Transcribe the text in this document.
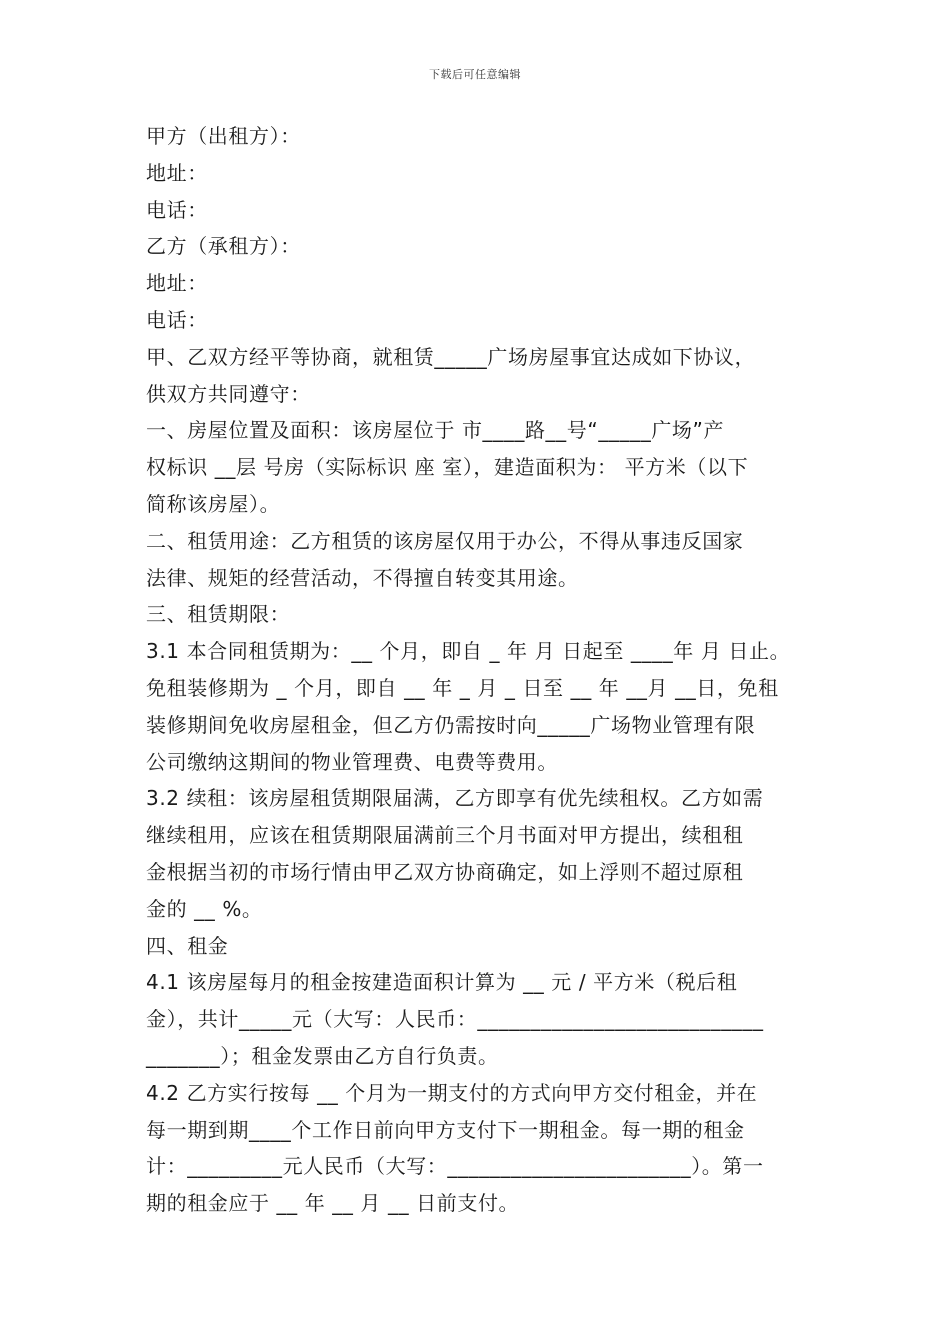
下载后可任意编辑
甲方（出租方）：
地址：
电话：
乙方（承租方）：
地址：
电话：
甲、乙双方经平等协商，就租赁_____广场房屋事宜达成如下协议，
供双方共同遵守：
一、房屋位置及面积：该房屋位于 市____路__号“_____广场”产
权标识 __层 号房（实际标识 座 室），建造面积为： 平方米（以下
简称该房屋）。
二、租赁用途：乙方租赁的该房屋仅用于办公，不得从事违反国家
法律、规矩的经营活动，不得擅自转变其用途。
三、租赁期限：
3.1 本合同租赁期为：__ 个月，即自 _ 年 月 日起至 ____年 月 日止。
免租装修期为 _ 个月，即自 __ 年 _ 月 _ 日至 __ 年 __月 __日，免租
装修期间免收房屋租金，但乙方仍需按时向_____广场物业管理有限
公司缴纳这期间的物业管理费、电费等费用。
3.2 续租：该房屋租赁期限届满，乙方即享有优先续租权。乙方如需
继续租用，应该在租赁期限届满前三个月书面对甲方提出，续租租
金根据当初的市场行情由甲乙双方协商确定，如上浮则不超过原租
金的 __ %。
四、租金
4.1 该房屋每月的租金按建造面积计算为 __ 元 / 平方米（税后租
金），共计_____元（大写：人民币：___________________________
_______）；租金发票由乙方自行负责。
4.2 乙方实行按每 __ 个月为一期支付的方式向甲方交付租金，并在
每一期到期____个工作日前向甲方支付下一期租金。每一期的租金
计：_________元人民币（大写：_______________________）。第一
期的租金应于 __ 年 __ 月 __ 日前支付。
